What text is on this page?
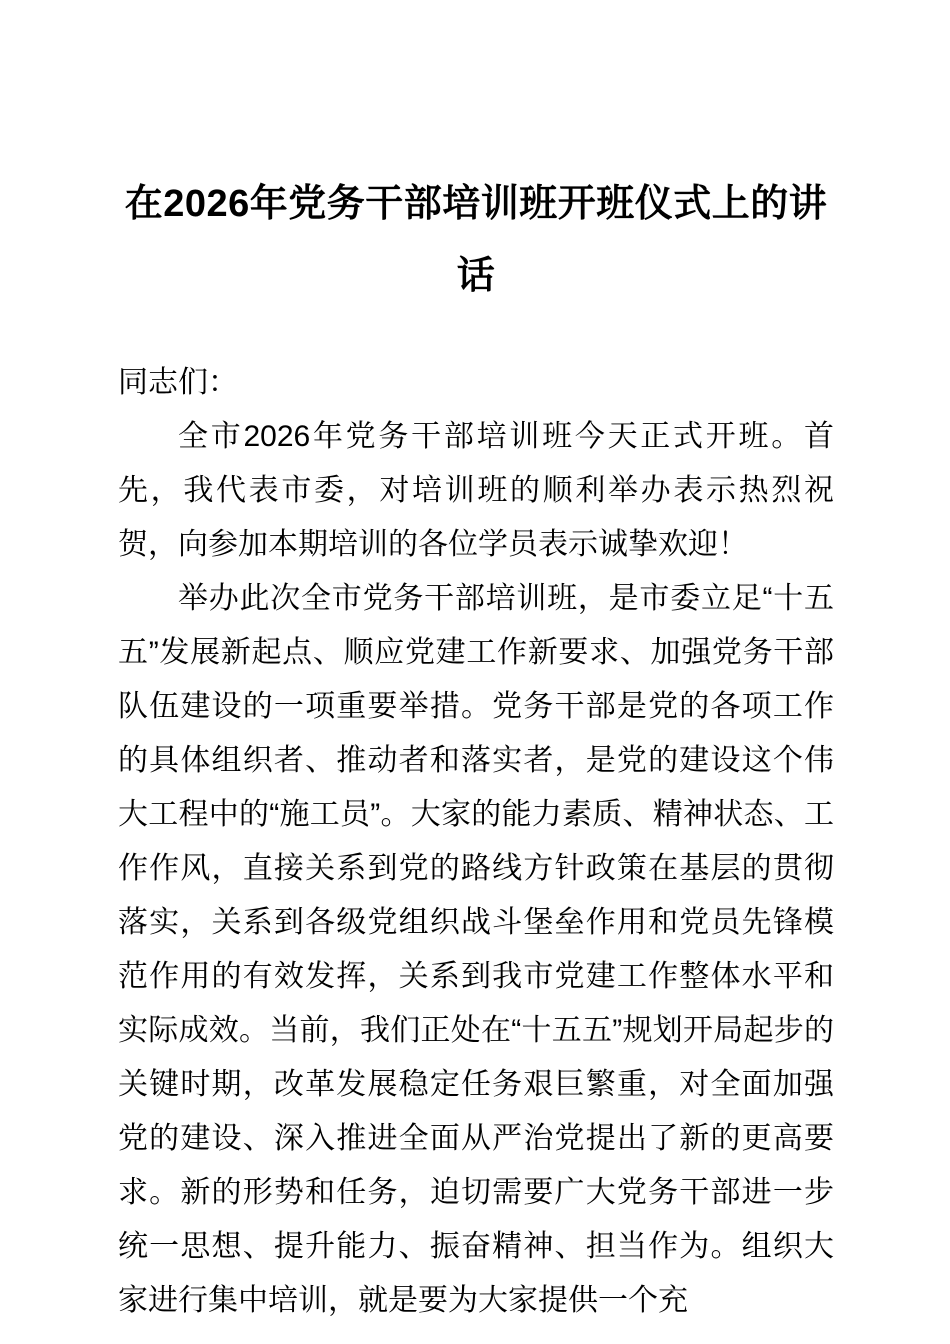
在2026年党务干部培训班开班仪式上的讲话

同志们：

全市2026年党务干部培训班今天正式开班。首先，我代表市委，对培训班的顺利举办表示热烈祝贺，向参加本期培训的各位学员表示诚挚欢迎！

举办此次全市党务干部培训班，是市委立足“十五五”发展新起点、顺应党建工作新要求、加强党务干部队伍建设的一项重要举措。党务干部是党的各项工作的具体组织者、推动者和落实者，是党的建设这个伟大工程中的“施工员”。大家的能力素质、精神状态、工作作风，直接关系到党的路线方针政策在基层的贯彻落实，关系到各级党组织战斗堡垒作用和党员先锋模范作用的有效发挥，关系到我市党建工作整体水平和实际成效。当前，我们正处在“十五五”规划开局起步的关键时期，改革发展稳定任务艰巨繁重，对全面加强党的建设、深入推进全面从严治党提出了新的更高要求。新的形势和任务，迫切需要广大党务干部进一步统一思想、提升能力、振奋精神、担当作为。组织大家进行集中培训，就是要为大家提供一个充
